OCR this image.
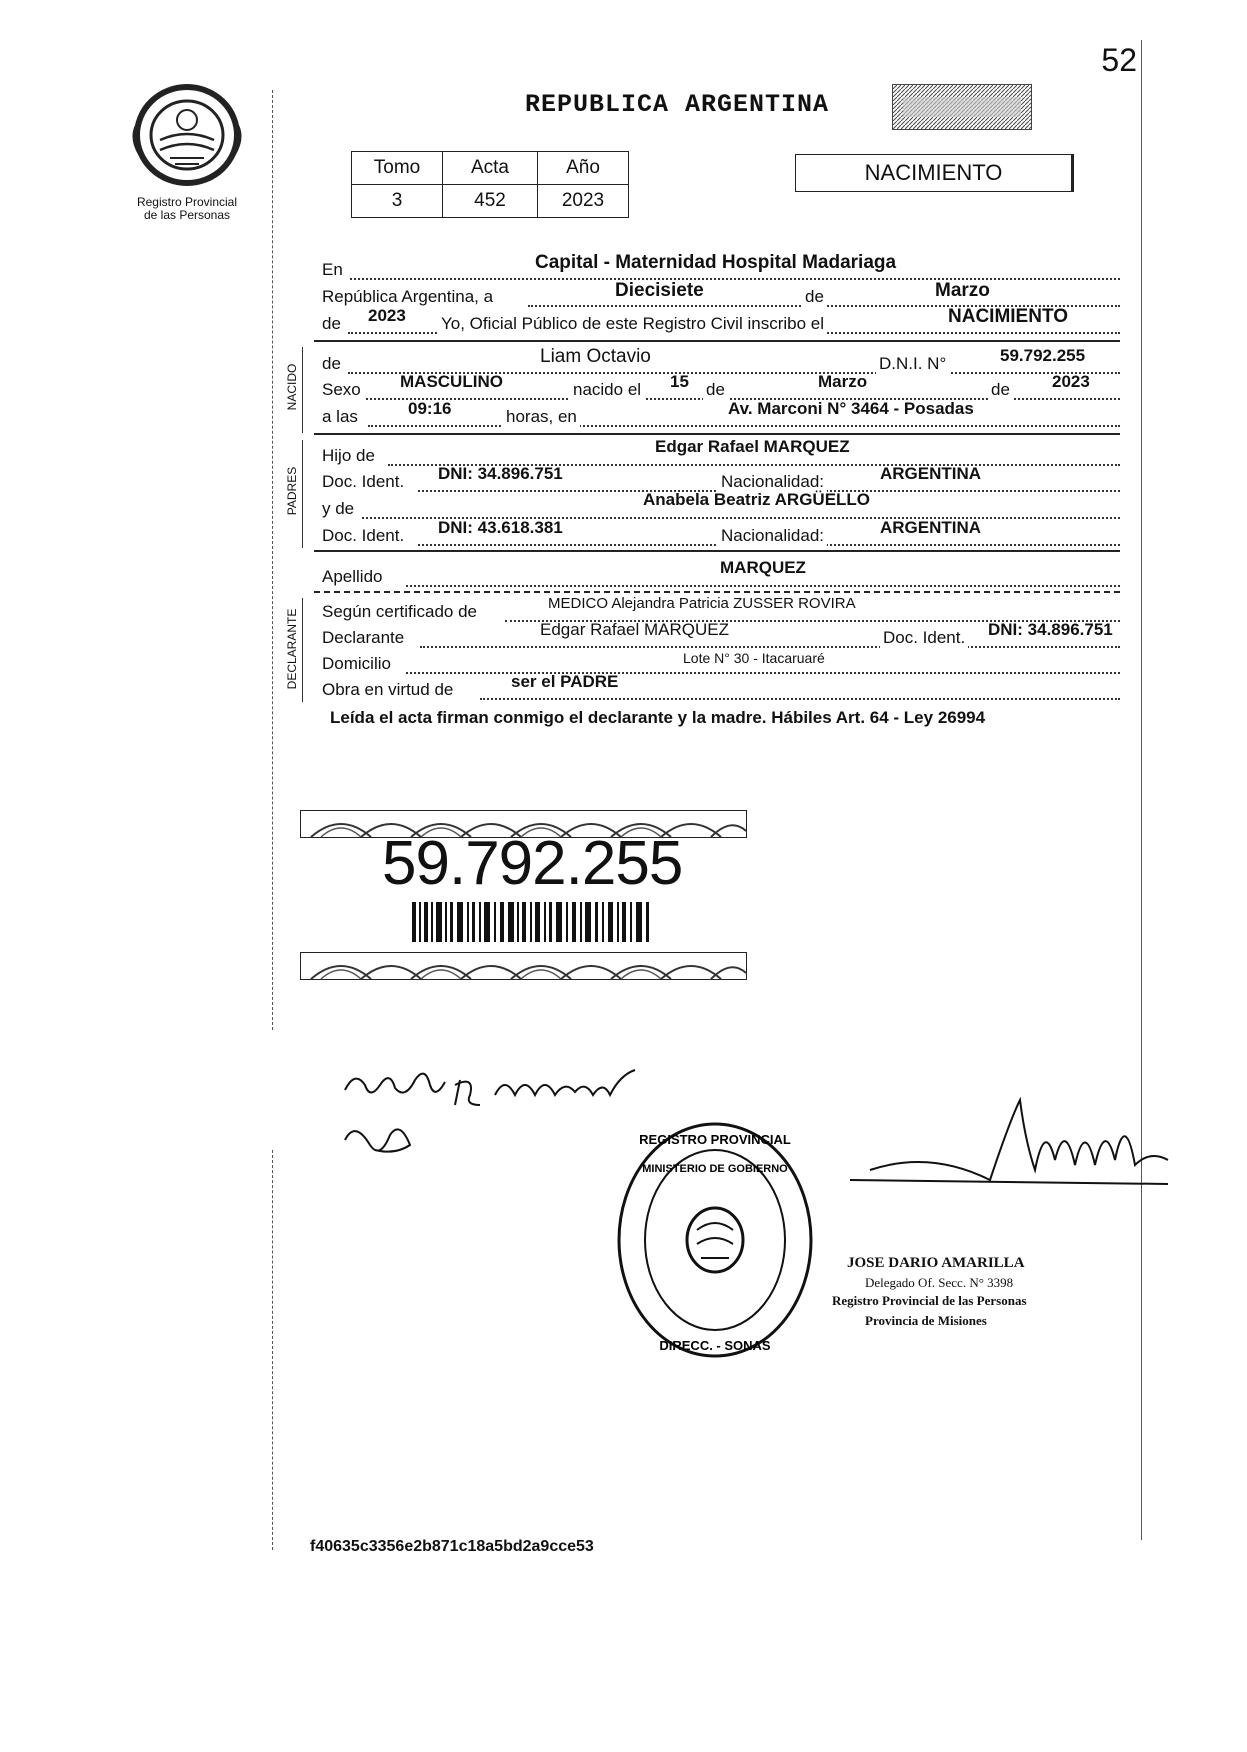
Registro Provincial
de las Personas
REPUBLICA ARGENTINA
52
Tomo	Acta	Año
3	452	2023
NACIMIENTO
En	Capital - Maternidad Hospital Madariaga
República Argentina, a	Diecisiete	de	Marzo
de 2023 Yo, Oficial Público de este Registro Civil inscribo el	NACIMIENTO
NACIDO
de	Liam Octavio	D.N.I. N°	59.792.255
Sexo MASCULINO	nacido el 15 de	Marzo	de 2023
a las	09:16	horas, en	Av. Marconi N° 3464 - Posadas
PADRES
Hijo de	Edgar Rafael MARQUEZ
Doc. Ident. DNI: 34.896.751	Nacionalidad:	ARGENTINA
y de	Anabela Beatriz ARGÜELLO
Doc. Ident. DNI: 43.618.381	Nacionalidad:	ARGENTINA
Apellido	MARQUEZ
DECLARANTE Según certificado de	MEDICO Alejandra Patricia ZUSSER ROVIRA
Declarante	Edgar Rafael MARQUEZ	Doc. Ident. DNI: 34.896.751
Domicilio	Lote N° 30 - Itacaruaré
Obra en virtud de	ser el PADRE
Leída el acta firman conmigo el declarante y la madre. Hábiles Art. 64 - Ley 26994
59.792.255
REGISTRO PROVINCIAL
DIRECC. - SONAS
MINISTERIO DE GOBIERNO
JOSE DARIO AMARILLA
Delegado Of. Secc. N° 3398
Registro Provincial de las Personas
Provincia de Misiones
f40635c3356e2b871c18a5bd2a9cce53
